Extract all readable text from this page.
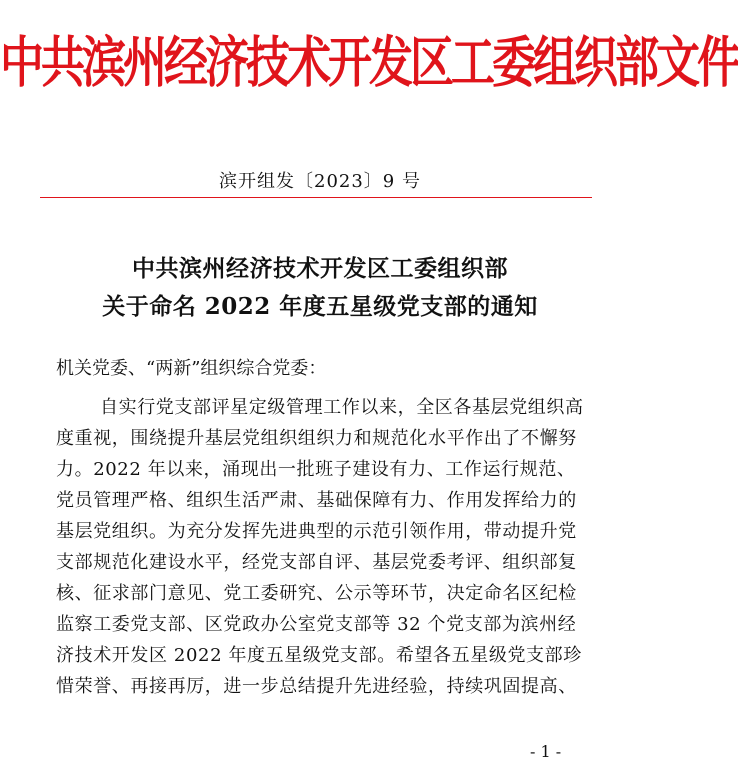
中共滨州经济技术开发区工委组织部文件
滨开组发〔2023〕9 号
中共滨州经济技术开发区工委组织部
关于命名 2022 年度五星级党支部的通知
机关党委、“两新”组织综合党委：
自实行党支部评星定级管理工作以来，全区各基层党组织高
度重视，围绕提升基层党组织组织力和规范化水平作出了不懈努
力。2022 年以来，涌现出一批班子建设有力、工作运行规范、
党员管理严格、组织生活严肃、基础保障有力、作用发挥给力的
基层党组织。为充分发挥先进典型的示范引领作用，带动提升党
支部规范化建设水平，经党支部自评、基层党委考评、组织部复
核、征求部门意见、党工委研究、公示等环节，决定命名区纪检
监察工委党支部、区党政办公室党支部等 32 个党支部为滨州经
济技术开发区 2022 年度五星级党支部。希望各五星级党支部珍
惜荣誉、再接再厉，进一步总结提升先进经验，持续巩固提高、
- 1 -
